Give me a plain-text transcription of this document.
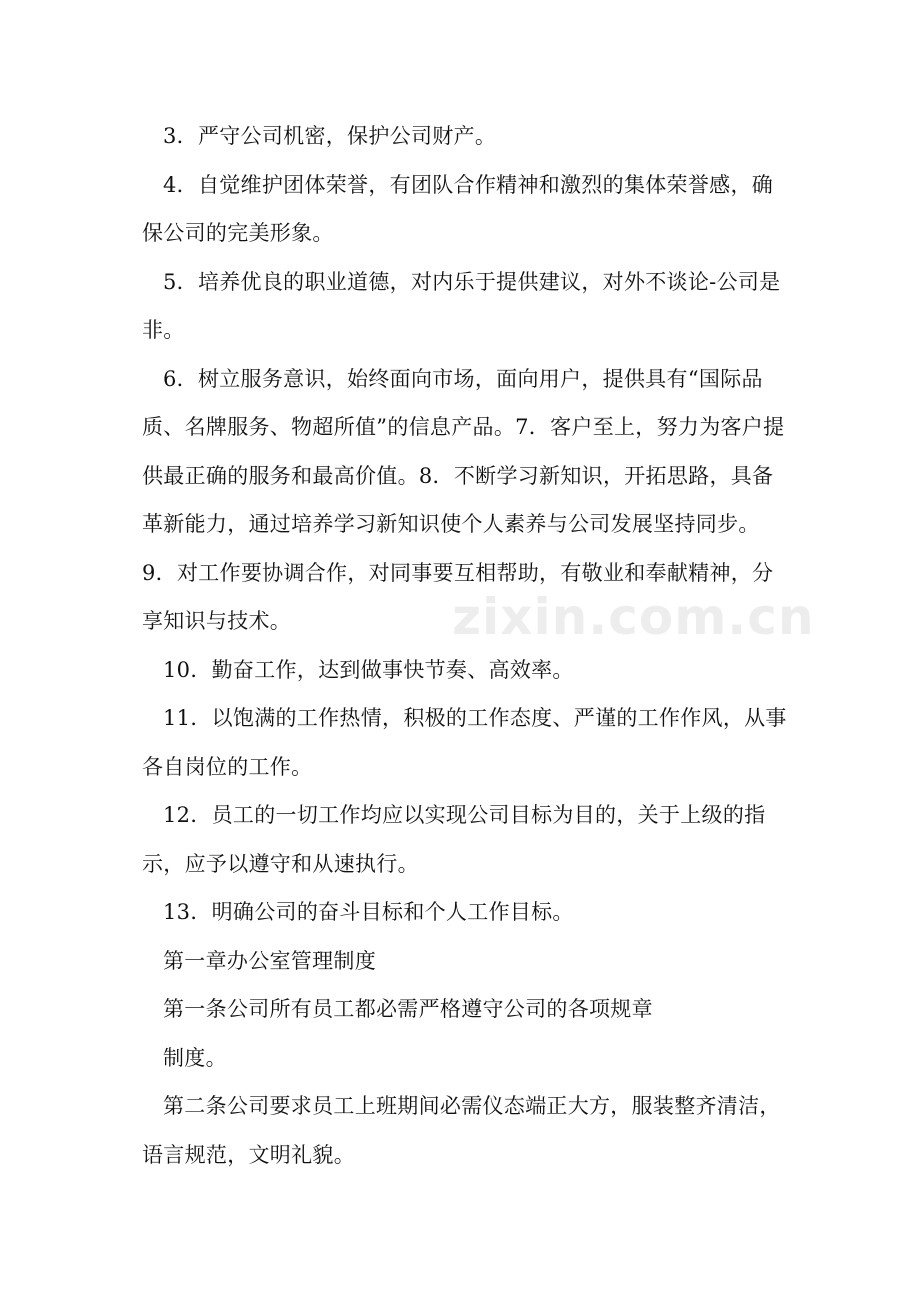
3．严守公司机密，保护公司财产。

4．自觉维护团体荣誉，有团队合作精神和激烈的集体荣誉感，确保公司的完美形象。

5．培养优良的职业道德，对内乐于提供建议，对外不谈论-公司是非。

6．树立服务意识，始终面向市场，面向用户，提供具有“国际品质、名牌服务、物超所值”的信息产品。7．客户至上，努力为客户提供最正确的服务和最高价值。8．不断学习新知识，开拓思路，具备革新能力，通过培养学习新知识使个人素养与公司发展坚持同步。9．对工作要协调合作，对同事要互相帮助，有敬业和奉献精神，分享知识与技术。

10．勤奋工作，达到做事快节奏、高效率。

11．以饱满的工作热情，积极的工作态度、严谨的工作作风，从事各自岗位的工作。

12．员工的一切工作均应以实现公司目标为目的，关于上级的指示，应予以遵守和从速执行。

13．明确公司的奋斗目标和个人工作目标。

第一章办公室管理制度

第一条公司所有员工都必需严格遵守公司的各项规章

制度。

第二条公司要求员工上班期间必需仪态端正大方，服装整齐清洁，语言规范，文明礼貌。

zixin.com.cn
